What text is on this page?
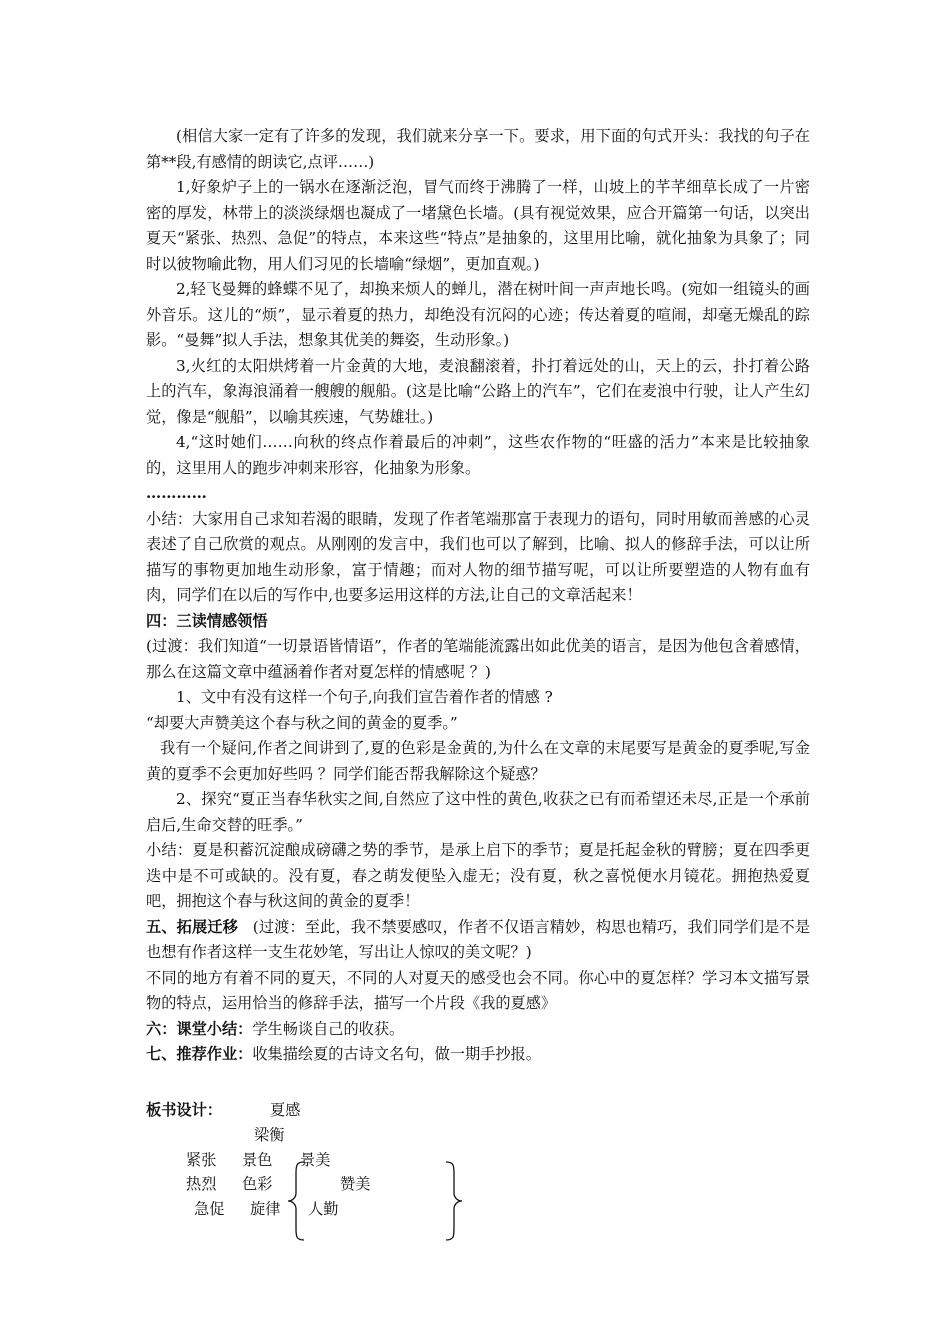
(相信大家一定有了许多的发现，我们就来分享一下。要求，用下面的句式开头：我找的句子在第**段,有感情的朗读它,点评……)

1,好象炉子上的一锅水在逐渐泛泡，冒气而终于沸腾了一样，山坡上的芊芊细草长成了一片密密的厚发，林带上的淡淡绿烟也凝成了一堵黛色长墙。(具有视觉效果，应合开篇第一句话，以突出夏天“紧张、热烈、急促”的特点，本来这些“特点”是抽象的，这里用比喻，就化抽象为具象了；同时以彼物喻此物，用人们习见的长墙喻“绿烟”，更加直观。)

2,轻飞曼舞的蜂蝶不见了，却换来烦人的蝉儿，潜在树叶间一声声地长鸣。(宛如一组镜头的画外音乐。这儿的“烦”，显示着夏的热力，却绝没有沉闷的心迹；传达着夏的喧闹，却毫无燥乱的踪影。“曼舞”拟人手法，想象其优美的舞姿，生动形象。)

3,火红的太阳烘烤着一片金黄的大地，麦浪翻滚着，扑打着远处的山，天上的云，扑打着公路上的汽车，象海浪涌着一艘艘的舰船。(这是比喻“公路上的汽车”，它们在麦浪中行驶，让人产生幻觉，像是“舰船”，以喻其疾速，气势雄壮。)

4,“这时她们……向秋的终点作着最后的冲刺”，这些农作物的“旺盛的活力”本来是比较抽象的，这里用人的跑步冲刺来形容，化抽象为形象。

…………

小结：大家用自己求知若渴的眼睛，发现了作者笔端那富于表现力的语句，同时用敏而善感的心灵表述了自己欣赏的观点。从刚刚的发言中，我们也可以了解到，比喻、拟人的修辞手法，可以让所描写的事物更加地生动形象，富于情趣；而对人物的细节描写呢，可以让所要塑造的人物有血有肉，同学们在以后的写作中,也要多运用这样的方法,让自己的文章活起来！

四：三读情感领悟

(过渡：我们知道“一切景语皆情语”，作者的笔端能流露出如此优美的语言，是因为他包含着感情，那么在这篇文章中蕴涵着作者对夏怎样的情感呢 ？)

1、文中有没有这样一个句子,向我们宣告着作者的情感 ?

“却要大声赞美这个春与秋之间的黄金的夏季。”

我有一个疑问,作者之间讲到了,夏的色彩是金黄的,为什么在文章的末尾要写是黄金的夏季呢,写金黄的夏季不会更加好些吗 ？同学们能否帮我解除这个疑惑？

2、探究“夏正当春华秋实之间,自然应了这中性的黄色,收获之已有而希望还未尽,正是一个承前启后,生命交替的旺季。”

小结：夏是积蓄沉淀酿成磅礴之势的季节，是承上启下的季节；夏是托起金秋的臂膀；夏在四季更迭中是不可或缺的。没有夏，春之萌发便坠入虚无；没有夏，秋之喜悦便水月镜花。拥抱热爱夏吧，拥抱这个春与秋这间的黄金的夏季！

五、拓展迁移 (过渡：至此，我不禁要感叹，作者不仅语言精妙，构思也精巧，我们同学们是不是也想有作者这样一支生花妙笔，写出让人惊叹的美文呢？)

不同的地方有着不同的夏天，不同的人对夏天的感受也会不同。你心中的夏怎样？学习本文描写景物的特点，运用恰当的修辞手法，描写一个片段《我的夏感》

六：课堂小结：学生畅谈自己的收获。

七、推荐作业：收集描绘夏的古诗文名句，做一期手抄报。

板书设计：	夏感
梁衡
紧张
热烈
急促
景色
色彩
旋律
景美
赞美
人勤
